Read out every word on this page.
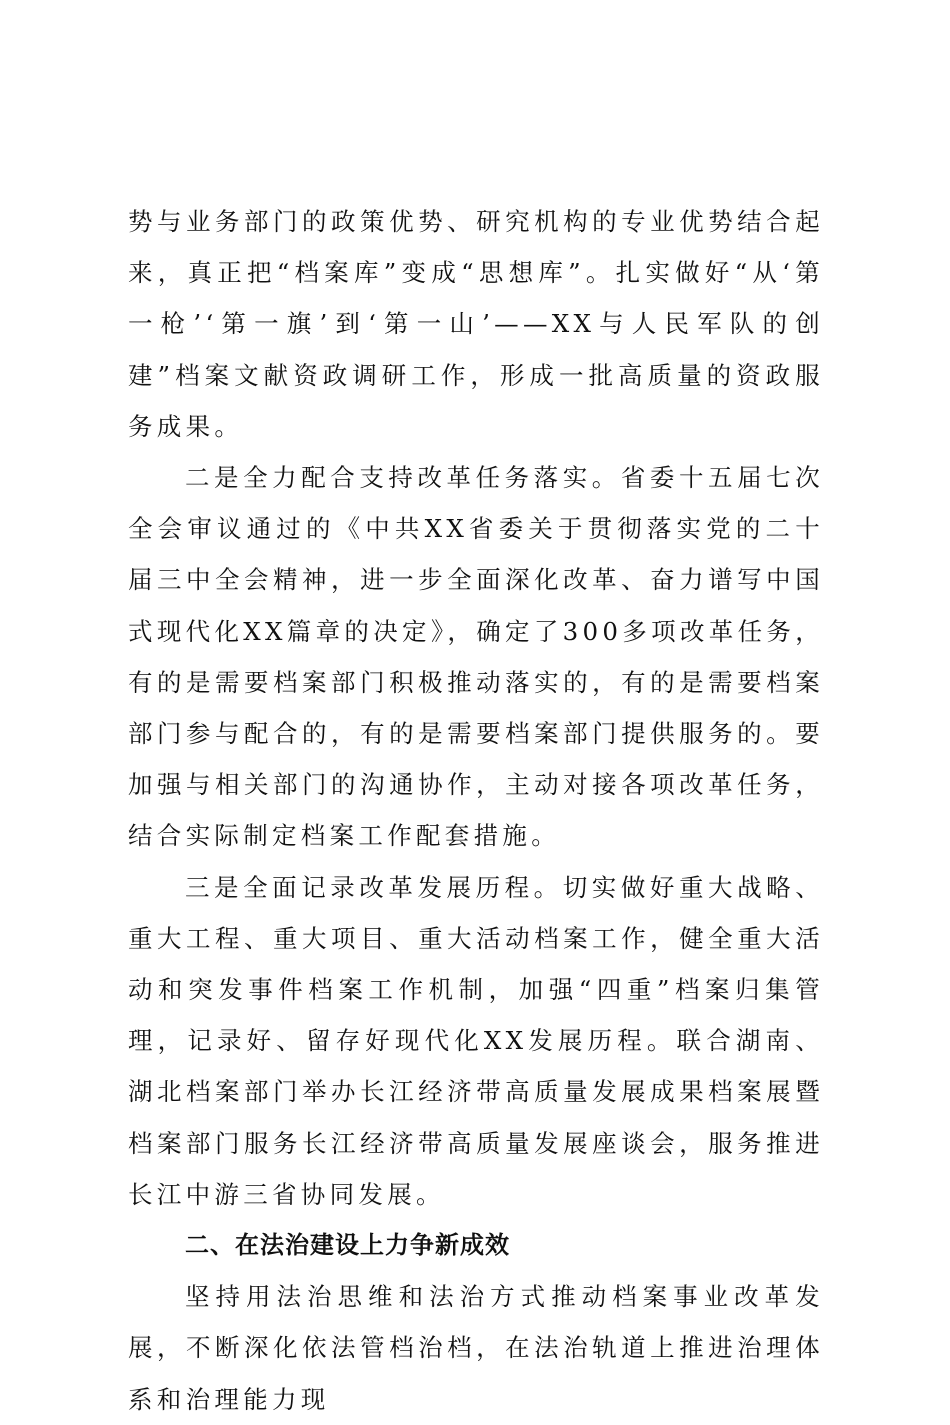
势与业务部门的政策优势、研究机构的专业优势结合起来，真正把“档案库”变成“思想库”。扎实做好“从‘第一枪’‘第一旗’到‘第一山’——XX与人民军队的创建”档案文献资政调研工作，形成一批高质量的资政服务成果。

二是全力配合支持改革任务落实。省委十五届七次全会审议通过的《中共XX省委关于贯彻落实党的二十届三中全会精神，进一步全面深化改革、奋力谱写中国式现代化XX篇章的决定》，确定了300多项改革任务，有的是需要档案部门积极推动落实的，有的是需要档案部门参与配合的，有的是需要档案部门提供服务的。要加强与相关部门的沟通协作，主动对接各项改革任务，结合实际制定档案工作配套措施。

三是全面记录改革发展历程。切实做好重大战略、重大工程、重大项目、重大活动档案工作，健全重大活动和突发事件档案工作机制，加强“四重”档案归集管理，记录好、留存好现代化XX发展历程。联合湖南、湖北档案部门举办长江经济带高质量发展成果档案展暨档案部门服务长江经济带高质量发展座谈会，服务推进长江中游三省协同发展。

二、在法治建设上力争新成效

坚持用法治思维和法治方式推动档案事业改革发展，不断深化依法管档治档，在法治轨道上推进治理体系和治理能力现
